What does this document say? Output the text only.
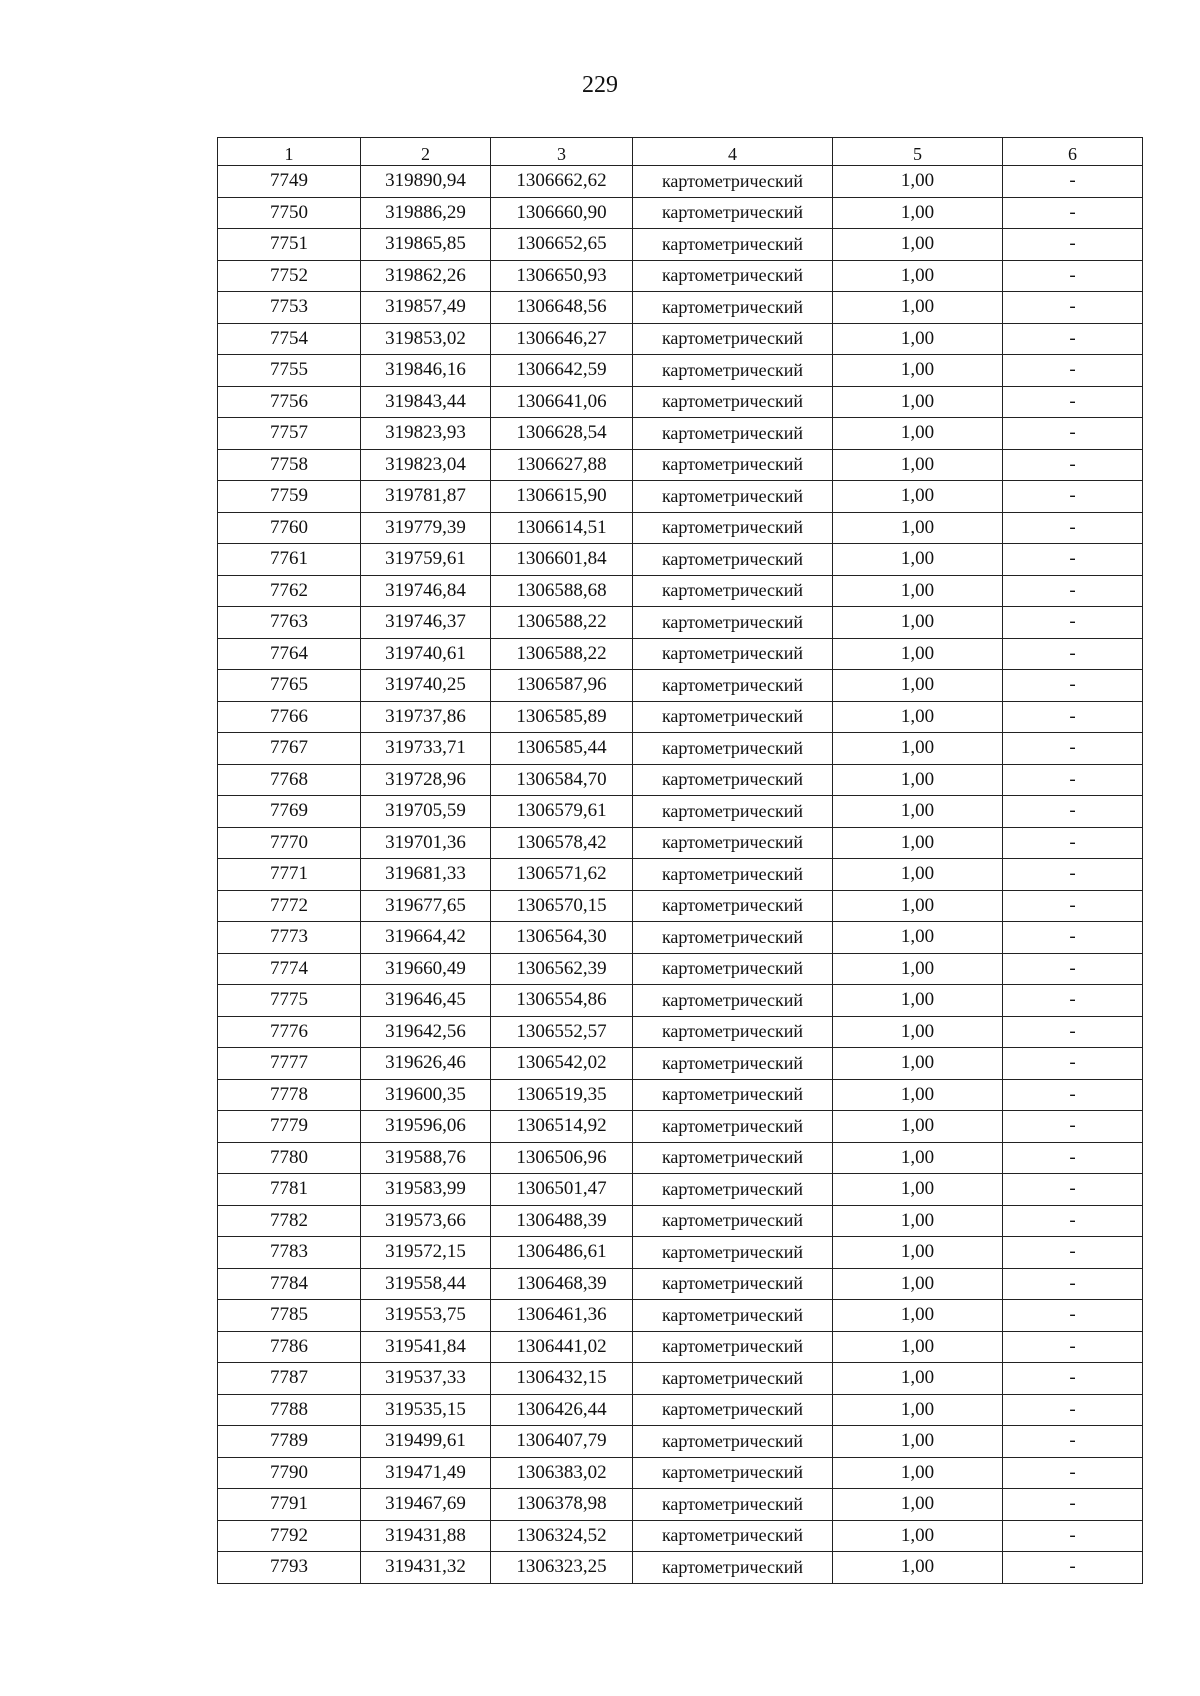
229
1	2	3	4	5	6
7749	319890,94	1306662,62	картометрический	1,00	-
7750	319886,29	1306660,90	картометрический	1,00	-
7751	319865,85	1306652,65	картометрический	1,00	-
7752	319862,26	1306650,93	картометрический	1,00	-
7753	319857,49	1306648,56	картометрический	1,00	-
7754	319853,02	1306646,27	картометрический	1,00	-
7755	319846,16	1306642,59	картометрический	1,00	-
7756	319843,44	1306641,06	картометрический	1,00	-
7757	319823,93	1306628,54	картометрический	1,00	-
7758	319823,04	1306627,88	картометрический	1,00	-
7759	319781,87	1306615,90	картометрический	1,00	-
7760	319779,39	1306614,51	картометрический	1,00	-
7761	319759,61	1306601,84	картометрический	1,00	-
7762	319746,84	1306588,68	картометрический	1,00	-
7763	319746,37	1306588,22	картометрический	1,00	-
7764	319740,61	1306588,22	картометрический	1,00	-
7765	319740,25	1306587,96	картометрический	1,00	-
7766	319737,86	1306585,89	картометрический	1,00	-
7767	319733,71	1306585,44	картометрический	1,00	-
7768	319728,96	1306584,70	картометрический	1,00	-
7769	319705,59	1306579,61	картометрический	1,00	-
7770	319701,36	1306578,42	картометрический	1,00	-
7771	319681,33	1306571,62	картометрический	1,00	-
7772	319677,65	1306570,15	картометрический	1,00	-
7773	319664,42	1306564,30	картометрический	1,00	-
7774	319660,49	1306562,39	картометрический	1,00	-
7775	319646,45	1306554,86	картометрический	1,00	-
7776	319642,56	1306552,57	картометрический	1,00	-
7777	319626,46	1306542,02	картометрический	1,00	-
7778	319600,35	1306519,35	картометрический	1,00	-
7779	319596,06	1306514,92	картометрический	1,00	-
7780	319588,76	1306506,96	картометрический	1,00	-
7781	319583,99	1306501,47	картометрический	1,00	-
7782	319573,66	1306488,39	картометрический	1,00	-
7783	319572,15	1306486,61	картометрический	1,00	-
7784	319558,44	1306468,39	картометрический	1,00	-
7785	319553,75	1306461,36	картометрический	1,00	-
7786	319541,84	1306441,02	картометрический	1,00	-
7787	319537,33	1306432,15	картометрический	1,00	-
7788	319535,15	1306426,44	картометрический	1,00	-
7789	319499,61	1306407,79	картометрический	1,00	-
7790	319471,49	1306383,02	картометрический	1,00	-
7791	319467,69	1306378,98	картометрический	1,00	-
7792	319431,88	1306324,52	картометрический	1,00	-
7793	319431,32	1306323,25	картометрический	1,00	-
